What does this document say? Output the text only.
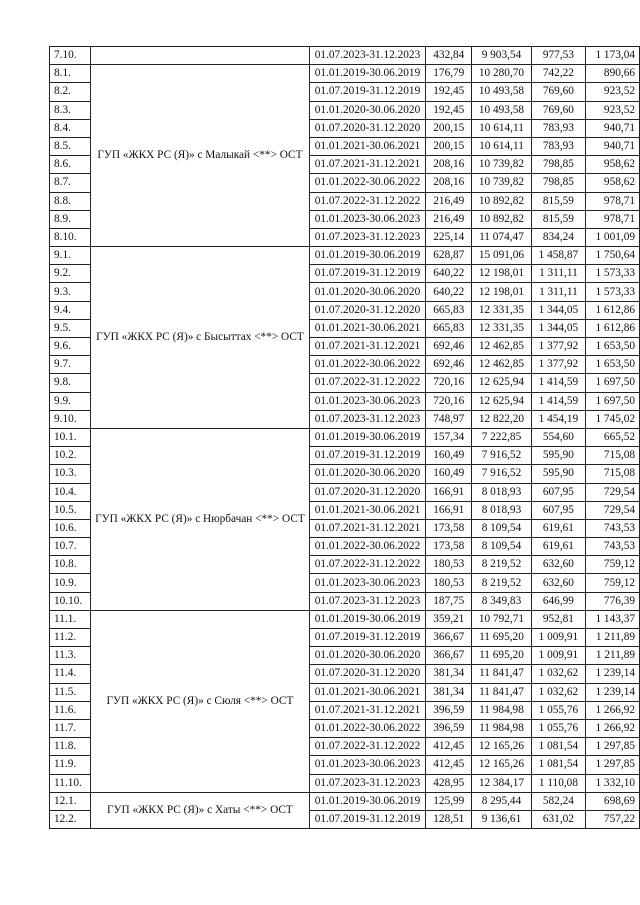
7.10.		01.07.2023-31.12.2023	432,84	9 903,54	977,53	1 173,04
8.1.	ГУП «ЖКХ РС (Я)» с Малыкай <**> ОСТ	01.01.2019-30.06.2019	176,79	10 280,70	742,22	890,66
8.2.		01.07.2019-31.12.2019	192,45	10 493,58	769,60	923,52
8.3.		01.01.2020-30.06.2020	192,45	10 493,58	769,60	923,52
8.4.		01.07.2020-31.12.2020	200,15	10 614,11	783,93	940,71
8.5.		01.01.2021-30.06.2021	200,15	10 614,11	783,93	940,71
8.6.		01.07.2021-31.12.2021	208,16	10 739,82	798,85	958,62
8.7.		01.01.2022-30.06.2022	208,16	10 739,82	798,85	958,62
8.8.		01.07.2022-31.12.2022	216,49	10 892,82	815,59	978,71
8.9.		01.01.2023-30.06.2023	216,49	10 892,82	815,59	978,71
8.10.		01.07.2023-31.12.2023	225,14	11 074,47	834,24	1 001,09
9.1.	ГУП «ЖКХ РС (Я)» с Бысыттах <**> ОСТ	01.01.2019-30.06.2019	628,87	15 091,06	1 458,87	1 750,64
9.2.		01.07.2019-31.12.2019	640,22	12 198,01	1 311,11	1 573,33
9.3.		01.01.2020-30.06.2020	640,22	12 198,01	1 311,11	1 573,33
9.4.		01.07.2020-31.12.2020	665,83	12 331,35	1 344,05	1 612,86
9.5.		01.01.2021-30.06.2021	665,83	12 331,35	1 344,05	1 612,86
9.6.		01.07.2021-31.12.2021	692,46	12 462,85	1 377,92	1 653,50
9.7.		01.01.2022-30.06.2022	692,46	12 462,85	1 377,92	1 653,50
9.8.		01.07.2022-31.12.2022	720,16	12 625,94	1 414,59	1 697,50
9.9.		01.01.2023-30.06.2023	720,16	12 625,94	1 414,59	1 697,50
9.10.		01.07.2023-31.12.2023	748,97	12 822,20	1 454,19	1 745,02
10.1.	ГУП «ЖКХ РС (Я)» с Нюрбачан <**> ОСТ	01.01.2019-30.06.2019	157,34	7 222,85	554,60	665,52
10.2.		01.07.2019-31.12.2019	160,49	7 916,52	595,90	715,08
10.3.		01.01.2020-30.06.2020	160,49	7 916,52	595,90	715,08
10.4.		01.07.2020-31.12.2020	166,91	8 018,93	607,95	729,54
10.5.		01.01.2021-30.06.2021	166,91	8 018,93	607,95	729,54
10.6.		01.07.2021-31.12.2021	173,58	8 109,54	619,61	743,53
10.7.		01.01.2022-30.06.2022	173,58	8 109,54	619,61	743,53
10.8.		01.07.2022-31.12.2022	180,53	8 219,52	632,60	759,12
10.9.		01.01.2023-30.06.2023	180,53	8 219,52	632,60	759,12
10.10.		01.07.2023-31.12.2023	187,75	8 349,83	646,99	776,39
11.1.	ГУП «ЖКХ РС (Я)» с Сюля <**> ОСТ	01.01.2019-30.06.2019	359,21	10 792,71	952,81	1 143,37
11.2.		01.07.2019-31.12.2019	366,67	11 695,20	1 009,91	1 211,89
11.3.		01.01.2020-30.06.2020	366,67	11 695,20	1 009,91	1 211,89
11.4.		01.07.2020-31.12.2020	381,34	11 841,47	1 032,62	1 239,14
11.5.		01.01.2021-30.06.2021	381,34	11 841,47	1 032,62	1 239,14
11.6.		01.07.2021-31.12.2021	396,59	11 984,98	1 055,76	1 266,92
11.7.		01.01.2022-30.06.2022	396,59	11 984,98	1 055,76	1 266,92
11.8.		01.07.2022-31.12.2022	412,45	12 165,26	1 081,54	1 297,85
11.9.		01.01.2023-30.06.2023	412,45	12 165,26	1 081,54	1 297,85
11.10.		01.07.2023-31.12.2023	428,95	12 384,17	1 110,08	1 332,10
12.1.	ГУП «ЖКХ РС (Я)» с Хаты <**> ОСТ	01.01.2019-30.06.2019	125,99	8 295,44	582,24	698,69
12.2.		01.07.2019-31.12.2019	128,51	9 136,61	631,02	757,22
